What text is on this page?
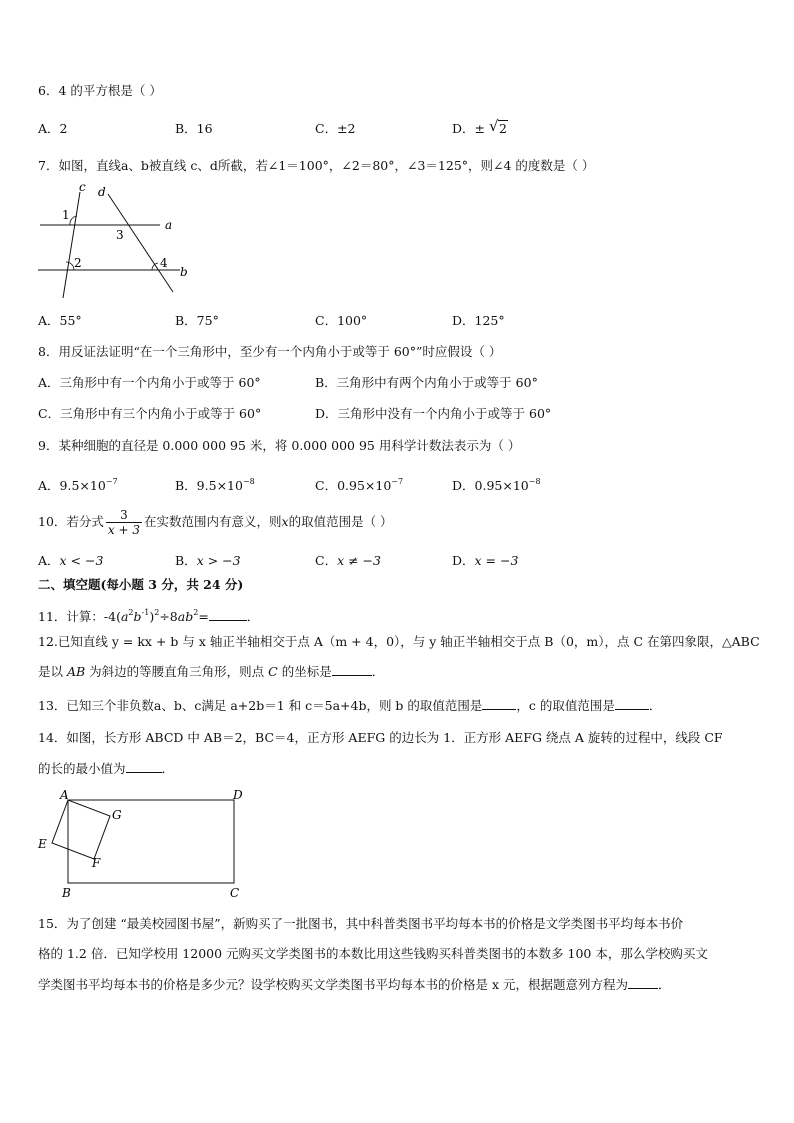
6．4 的平方根是（ ）
A．2	B．16	C．±2	D．± √ 2
7．如图，直线a、b被直线 c、d所截，若∠1＝100°，∠2＝80°，∠3＝125°，则∠4 的度数是（ ）
c d
a
b
1
2
3
4
A．55°	B．75°	C．100°	D．125°
8．用反证法证明“在一个三角形中，至少有一个内角小于或等于 60°”时应假设（ ）
A．三角形中有一个内角小于或等于 60°	B．三角形中有两个内角小于或等于 60°
C．三角形中有三个内角小于或等于 60°	D．三角形中没有一个内角小于或等于 60°
9．某种细胞的直径是 0.000 000 95 米，将 0.000 000 95 用科学计数法表示为（ ）
A．$9.5\times 10^{-7}$	B．$9.5\times 10^{-8}$	C．$0.95\times 10^{-7}$	D．$0.95\times 10^{-8}$
10．若分式 $\frac{3}{x + 3}$ 在实数范围内有意义，则x的取值范围是（ ）
A．x < −3	B．x > −3	C．x ≠ −3	D．x = −3
二、填空题(每小题 3 分，共 24 分)
11．计算：$-4(a^2b^{-1})^2\div 8ab^2=$	．
12.已知直线 y = kx + b 与 x 轴正半轴相交于点 A（m + 4，0），与 y 轴正半轴相交于点 B（0，m），点 C 在第四象限，△ABC
是以 AB 为斜边的等腰直角三角形，则点 C 的坐标是	．
13．已知三个非负数a、b、c满足 a+2b＝1 和 c＝5a+4b，则 b 的取值范围是	，c 的取值范围是	．
14．如图，长方形 ABCD 中 AB＝2，BC＝4，正方形 AEFG 的边长为 1．正方形 AEFG 绕点 A 旋转的过程中，线段 CF
的长的最小值为	．
A	D
B	C
E
F
G
15．为了创建 “最美校园图书屋”，新购买了一批图书，其中科普类图书平均每本书的价格是文学类图书平均每本书价
格的 1.2 倍．已知学校用 12000 元购买文学类图书的本数比用这些钱购买科普类图书的本数多 100 本，那么学校购买文
学类图书平均每本书的价格是多少元？设学校购买文学类图书平均每本书的价格是 x 元，根据题意列方程为 ．
